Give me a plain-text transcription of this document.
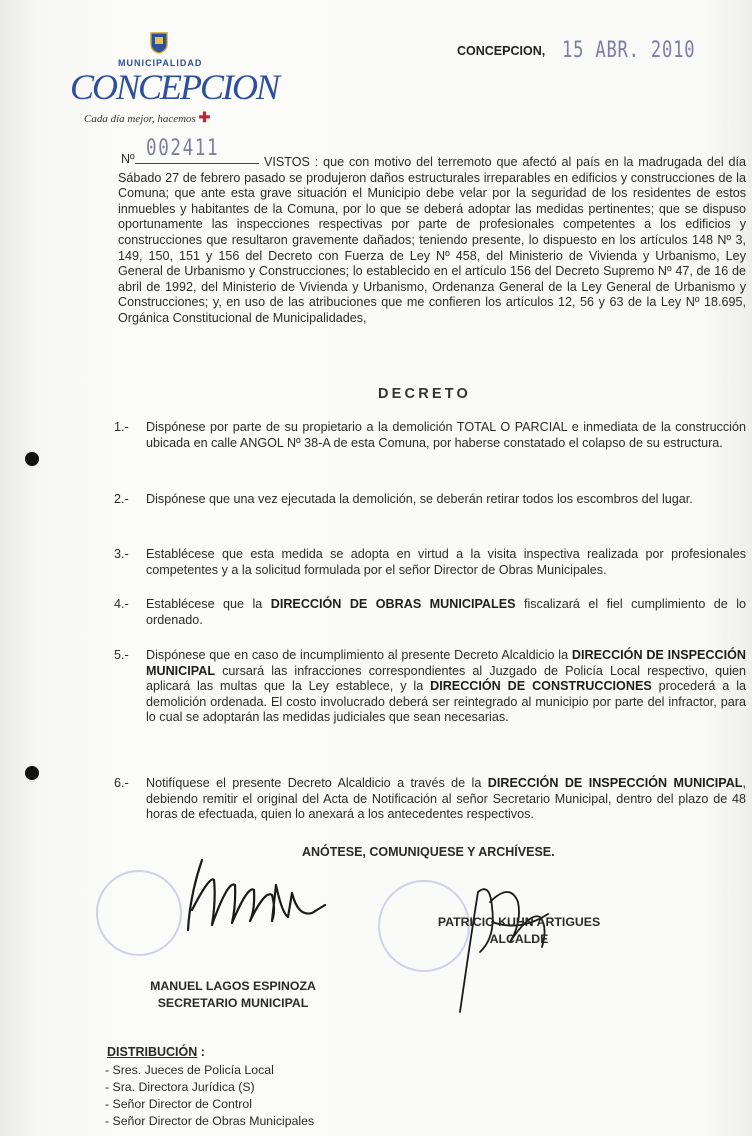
MUNICIPALIDAD
CONCEPCION
Cada día mejor, hacemos ✚
CONCEPCION, 15 ABR. 2010
Nº 002411
VISTOS : que con motivo del terremoto que afectó al país en la madrugada del día Sábado 27 de febrero pasado se produjeron daños estructurales irreparables en edificios y construcciones de la Comuna; que ante esta grave situación el Municipio debe velar por la seguridad de los residentes de estos inmuebles y habitantes de la Comuna, por lo que se deberá adoptar las medidas pertinentes; que se dispuso oportunamente las inspecciones respectivas por parte de profesionales competentes a los edificios y construcciones que resultaron gravemente dañados; teniendo presente, lo dispuesto en los artículos 148 Nº 3, 149, 150, 151 y 156 del Decreto con Fuerza de Ley Nº 458, del Ministerio de Vivienda y Urbanismo, Ley General de Urbanismo y Construcciones; lo establecido en el artículo 156 del Decreto Supremo Nº 47, de 16 de abril de 1992, del Ministerio de Vivienda y Urbanismo, Ordenanza General de la Ley General de Urbanismo y Construcciones; y, en uso de las atribuciones que me confieren los artículos 12, 56 y 63 de la Ley Nº 18.695, Orgánica Constitucional de Municipalidades,
DECRETO
1.- Dispónese por parte de su propietario a la demolición TOTAL O PARCIAL e inmediata de la construcción ubicada en calle ANGOL Nº 38-A de esta Comuna, por haberse constatado el colapso de su estructura.
2.- Dispónese que una vez ejecutada la demolición, se deberán retirar todos los escombros del lugar.
3.- Establécese que esta medida se adopta en virtud a la visita inspectiva realizada por profesionales competentes y a la solicitud formulada por el señor Director de Obras Municipales.
4.- Establécese que la DIRECCIÓN DE OBRAS MUNICIPALES fiscalizará el fiel cumplimiento de lo ordenado.
5.- Dispónese que en caso de incumplimiento al presente Decreto Alcaldicio la DIRECCIÓN DE INSPECCIÓN MUNICIPAL cursará las infracciones correspondientes al Juzgado de Policía Local respectivo, quien aplicará las multas que la Ley establece, y la DIRECCIÓN DE CONSTRUCCIONES procederá a la demolición ordenada. El costo involucrado deberá ser reintegrado al municipio por parte del infractor, para lo cual se adoptarán las medidas judiciales que sean necesarias.
6.- Notifíquese el presente Decreto Alcaldicio a través de la DIRECCIÓN DE INSPECCIÓN MUNICIPAL, debiendo remitir el original del Acta de Notificación al señor Secretario Municipal, dentro del plazo de 48 horas de efectuada, quien lo anexará a los antecedentes respectivos.
ANÓTESE, COMUNIQUESE Y ARCHÍVESE.
PATRICIO KUHN ARTIGUES
ALCALDE
MANUEL LAGOS ESPINOZA
SECRETARIO MUNICIPAL
DISTRIBUCIÓN :
- Sres. Jueces de Policía Local
- Sra. Directora Jurídica (S)
- Señor Director de Control
- Señor Director de Obras Municipales
